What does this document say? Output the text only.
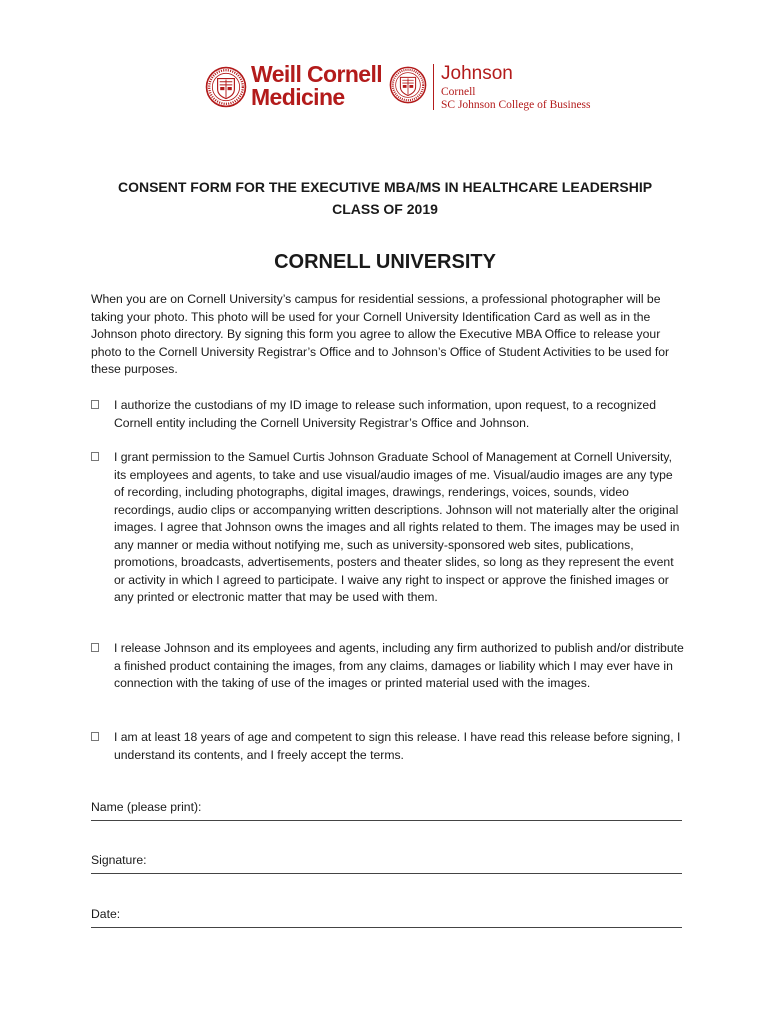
Weill Cornell
Medicine
Johnson
Cornell
SC Johnson College of Business
CONSENT FORM FOR THE EXECUTIVE MBA/MS IN HEALTHCARE LEADERSHIP
CLASS OF 2019
CORNELL UNIVERSITY
When you are on Cornell University’s campus for residential sessions, a professional photographer will be taking your photo. This photo will be used for your Cornell University Identification Card as well as in the Johnson photo directory. By signing this form you agree to allow the Executive MBA Office to release your photo to the Cornell University Registrar’s Office and to Johnson’s Office of Student Activities to be used for these purposes.
I authorize the custodians of my ID image to release such information, upon request, to a recognized Cornell entity including the Cornell University Registrar’s Office and Johnson.
I grant permission to the Samuel Curtis Johnson Graduate School of Management at Cornell University, its employees and agents, to take and use visual/audio images of me. Visual/audio images are any type of recording, including photographs, digital images, drawings, renderings, voices, sounds, video recordings, audio clips or accompanying written descriptions. Johnson will not materially alter the original images. I agree that Johnson owns the images and all rights related to them. The images may be used in any manner or media without notifying me, such as university-sponsored web sites, publications, promotions, broadcasts, advertisements, posters and theater slides, so long as they represent the event or activity in which I agreed to participate. I waive any right to inspect or approve the finished images or any printed or electronic matter that may be used with them.
I release Johnson and its employees and agents, including any firm authorized to publish and/or distribute a finished product containing the images, from any claims, damages or liability which I may ever have in connection with the taking of use of the images or printed material used with the images.
I am at least 18 years of age and competent to sign this release. I have read this release before signing, I understand its contents, and I freely accept the terms.
Name (please print):
Signature:
Date:
